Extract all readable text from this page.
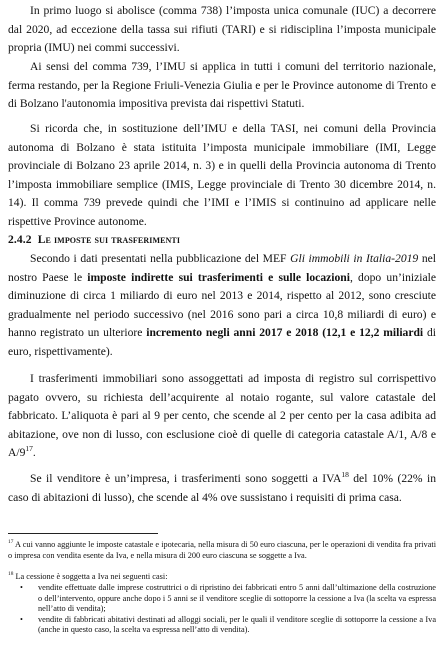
In primo luogo si abolisce (comma 738) l’imposta unica comunale (IUC) a decorrere dal 2020, ad eccezione della tassa sui rifiuti (TARI) e si ridisciplina l’imposta municipale propria (IMU) nei commi successivi.

Ai sensi del comma 739, l’IMU si applica in tutti i comuni del territorio nazionale, ferma restando, per la Regione Friuli-Venezia Giulia e per le Province autonome di Trento e di Bolzano l'autonomia impositiva prevista dai rispettivi Statuti.

Si ricorda che, in sostituzione dell’IMU e della TASI, nei comuni della Provincia autonoma di Bolzano è stata istituita l’imposta municipale immobiliare (IMI, Legge provinciale di Bolzano 23 aprile 2014, n. 3) e in quelli della Provincia autonoma di Trento l’imposta immobiliare semplice (IMIS, Legge provinciale di Trento 30 dicembre 2014, n. 14). Il comma 739 prevede quindi che l’IMI e l’IMIS si continuino ad applicare nelle rispettive Province autonome.

2.4.2 Le imposte sui trasferimenti

Secondo i dati presentati nella pubblicazione del MEF Gli immobili in Italia-2019 nel nostro Paese le imposte indirette sui trasferimenti e sulle locazioni, dopo un’iniziale diminuzione di circa 1 miliardo di euro nel 2013 e 2014, rispetto al 2012, sono cresciute gradualmente nel periodo successivo (nel 2016 sono pari a circa 10,8 miliardi di euro) e hanno registrato un ulteriore incremento negli anni 2017 e 2018 (12,1 e 12,2 miliardi di euro, rispettivamente).

I trasferimenti immobiliari sono assoggettati ad imposta di registro sul corrispettivo pagato ovvero, su richiesta dell’acquirente al notaio rogante, sul valore catastale del fabbricato. L’aliquota è pari al 9 per cento, che scende al 2 per cento per la casa adibita ad abitazione, ove non di lusso, con esclusione cioè di quelle di categoria catastale A/1, A/8 e $A/9^{17}$.

Se il venditore è un’impresa, i trasferimenti sono soggetti a IVA$^{18}$ del 10% (22% in caso di abitazioni di lusso), che scende al 4% ove sussistano i requisiti di prima casa.

$^{17}$ A cui vanno aggiunte le imposte catastale e ipotecaria, nella misura di 50 euro ciascuna, per le operazioni di vendita fra privati o impresa con vendita esente da Iva, e nella misura di 200 euro ciascuna se soggette a Iva.

$^{18}$ La cessione è soggetta a Iva nei seguenti casi:

• vendite effettuate dalle imprese costruttrici o di ripristino dei fabbricati entro 5 anni dall’ultimazione della costruzione o dell’intervento, oppure anche dopo i 5 anni se il venditore sceglie di sottoporre la cessione a Iva (la scelta va espressa nell’atto di vendita);
• vendite di fabbricati abitativi destinati ad alloggi sociali, per le quali il venditore sceglie di sottoporre la cessione a Iva (anche in questo caso, la scelta va espressa nell’atto di vendita).
